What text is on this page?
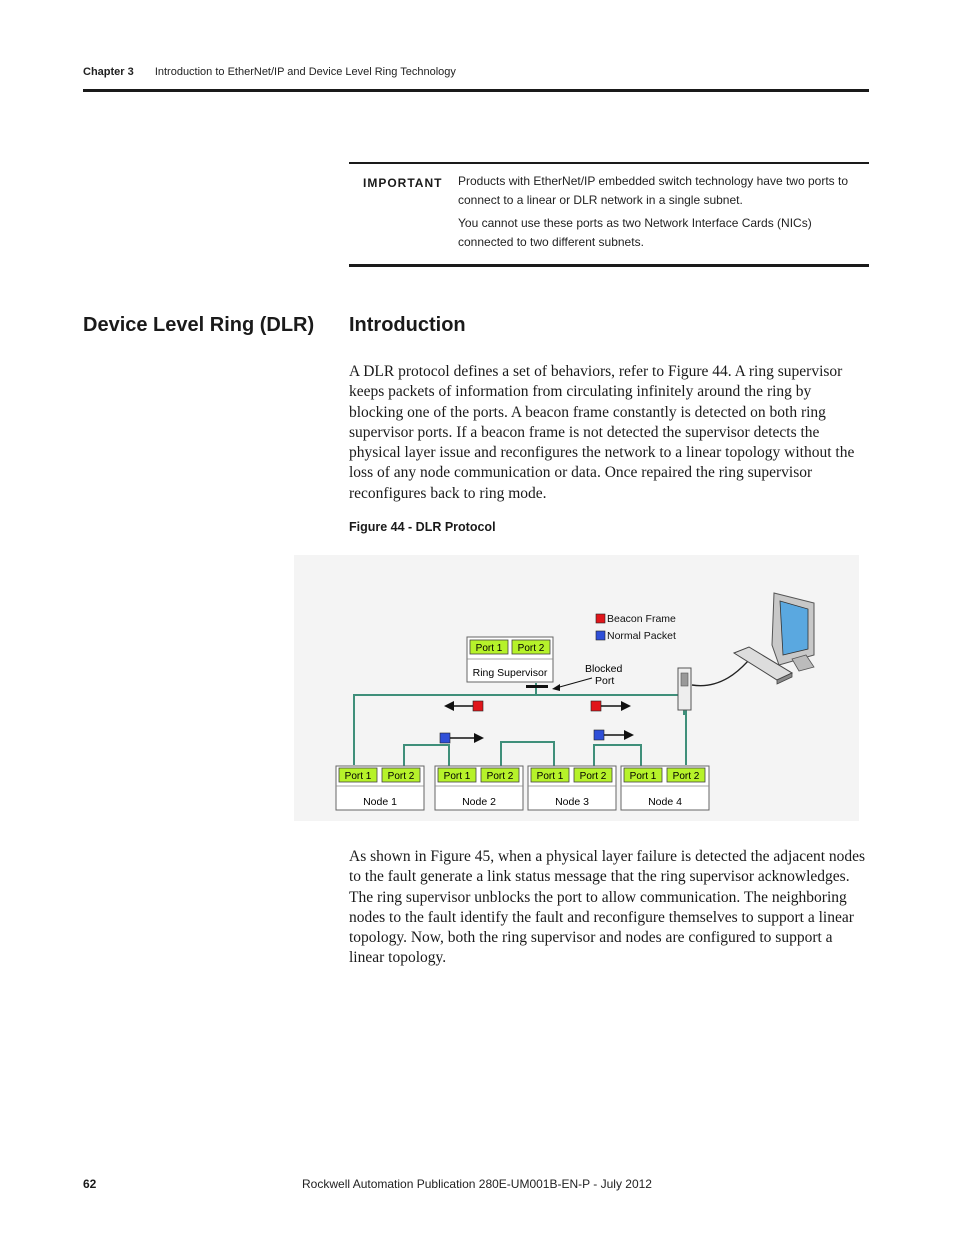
Chapter 3 Introduction to EtherNet/IP and Device Level Ring Technology
IMPORTANT Products with EtherNet/IP embedded switch technology have two ports to connect to a linear or DLR network in a single subnet.
You cannot use these ports as two Network Interface Cards (NICs) connected to two different subnets.
Device Level Ring (DLR) Introduction
A DLR protocol defines a set of behaviors, refer to Figure 44. A ring supervisor keeps packets of information from circulating infinitely around the ring by blocking one of the ports. A beacon frame constantly is detected on both ring supervisor ports. If a beacon frame is not detected the supervisor detects the physical layer issue and reconfigures the network to a linear topology without the loss of any node communication or data. Once repaired the ring supervisor reconfigures back to ring mode.
Figure 44 - DLR Protocol
Beacon Frame
Normal Packet
Port 1 Port 2
Ring Supervisor	Blocked
Port
Port 1 Port 2
Node 1
Port 1 Port 2
Node 2
Port 1 Port 2
Node 3
Port 1 Port 2
Node 4
As shown in Figure 45, when a physical layer failure is detected the adjacent nodes to the fault generate a link status message that the ring supervisor acknowledges. The ring supervisor unblocks the port to allow communication. The neighboring nodes to the fault identify the fault and reconfigure themselves to support a linear topology. Now, both the ring supervisor and nodes are configured to support a linear topology.
62	Rockwell Automation Publication 280E-UM001B-EN-P - July 2012
